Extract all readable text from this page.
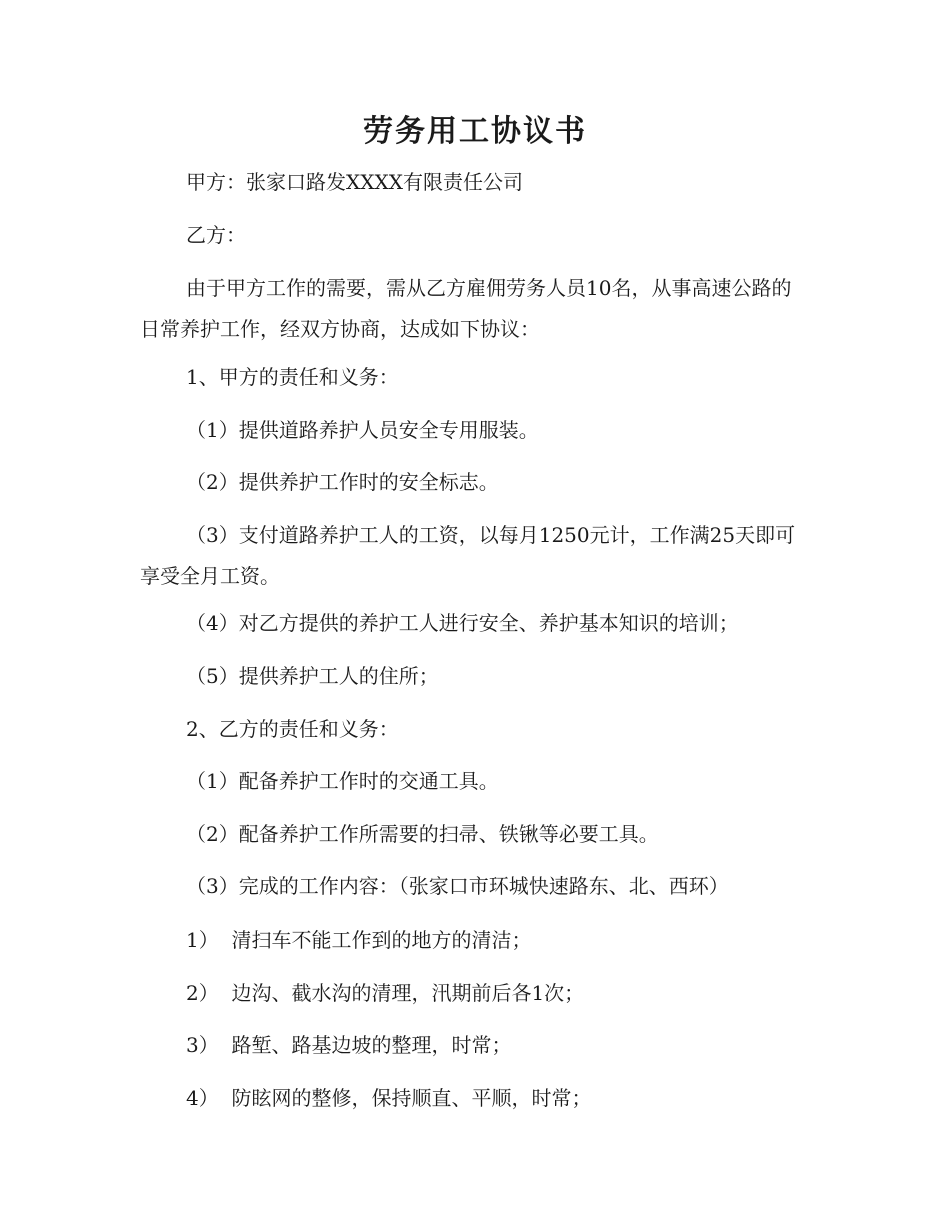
劳务用工协议书
甲方：张家口路发XXXX有限责任公司
乙方：
由于甲方工作的需要，需从乙方雇佣劳务人员10名，从事高速公路的日常养护工作，经双方协商，达成如下协议：
1、甲方的责任和义务：
（1）提供道路养护人员安全专用服装。
（2）提供养护工作时的安全标志。
（3）支付道路养护工人的工资，以每月1250元计，工作满25天即可享受全月工资。
（4）对乙方提供的养护工人进行安全、养护基本知识的培训；
（5）提供养护工人的住所；
2、乙方的责任和义务：
（1）配备养护工作时的交通工具。
（2）配备养护工作所需要的扫帚、铁锹等必要工具。
（3）完成的工作内容：（张家口市环城快速路东、北、西环）
1）  清扫车不能工作到的地方的清洁；
2）  边沟、截水沟的清理，汛期前后各1次；
3）  路堑、路基边坡的整理，时常；
4）  防眩网的整修，保持顺直、平顺，时常；
